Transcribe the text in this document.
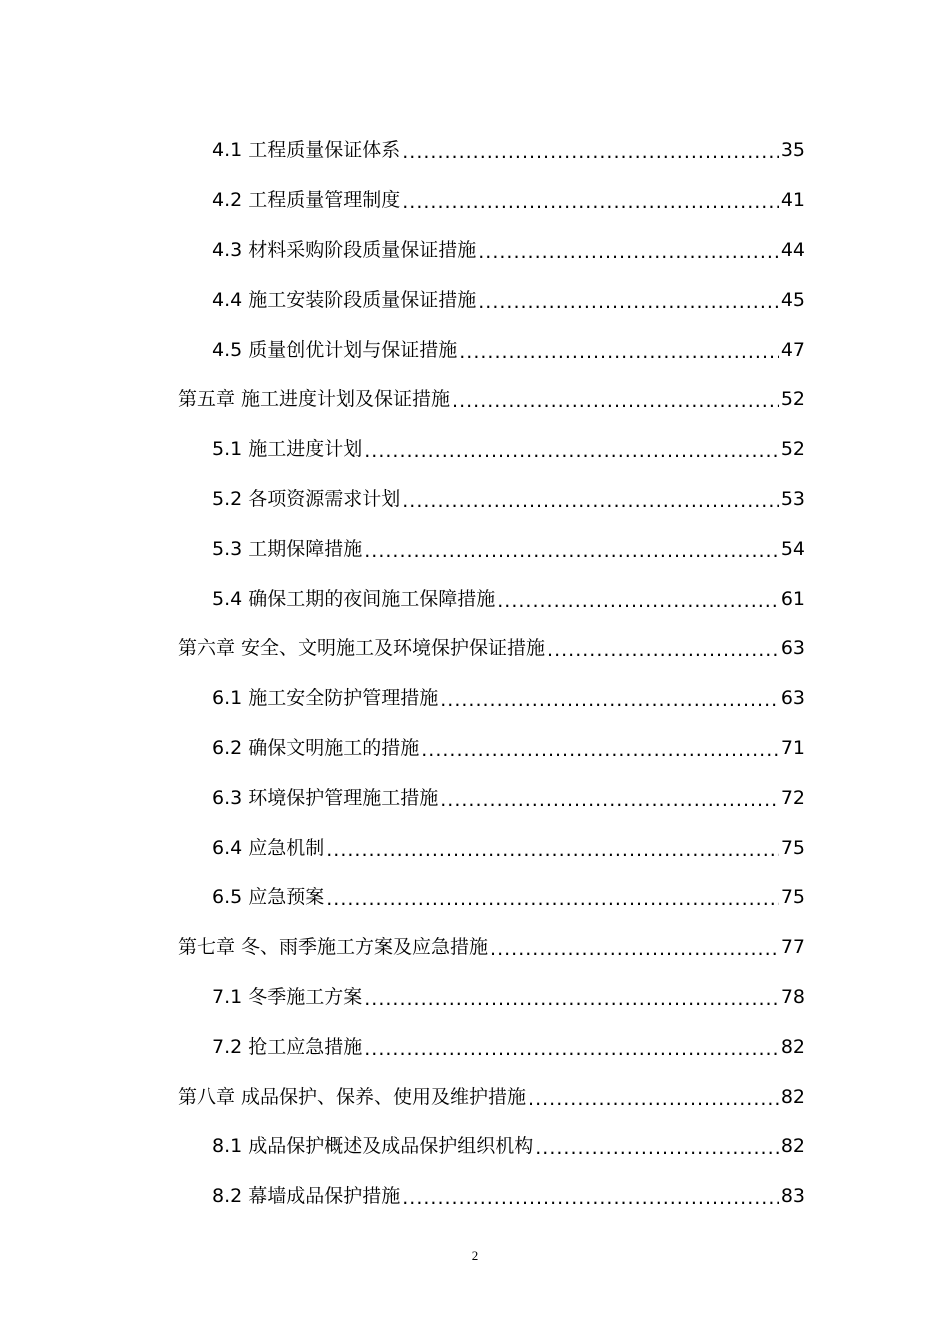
4.1 工程质量保证体系 .....	35
4.2 工程质量管理制度 .....	41
4.3 材料采购阶段质量保证措施 .....	44
4.4 施工安装阶段质量保证措施 .....	45
4.5 质量创优计划与保证措施 .....	47
第五章 施工进度计划及保证措施 .....	52
5.1 施工进度计划 .....	52
5.2 各项资源需求计划 .....	53
5.3 工期保障措施 .....	54
5.4 确保工期的夜间施工保障措施 .....	61
第六章 安全、文明施工及环境保护保证措施 .....	63
6.1 施工安全防护管理措施 .....	63
6.2 确保文明施工的措施 .....	71
6.3 环境保护管理施工措施 .....	72
6.4 应急机制 .....	75
6.5 应急预案 .....	75
第七章 冬、雨季施工方案及应急措施 .....	77
7.1 冬季施工方案 .....	78
7.2 抢工应急措施 .....	82
第八章 成品保护、保养、使用及维护措施 .....	82
8.1 成品保护概述及成品保护组织机构 .....	82
8.2 幕墙成品保护措施 .....	83
2
